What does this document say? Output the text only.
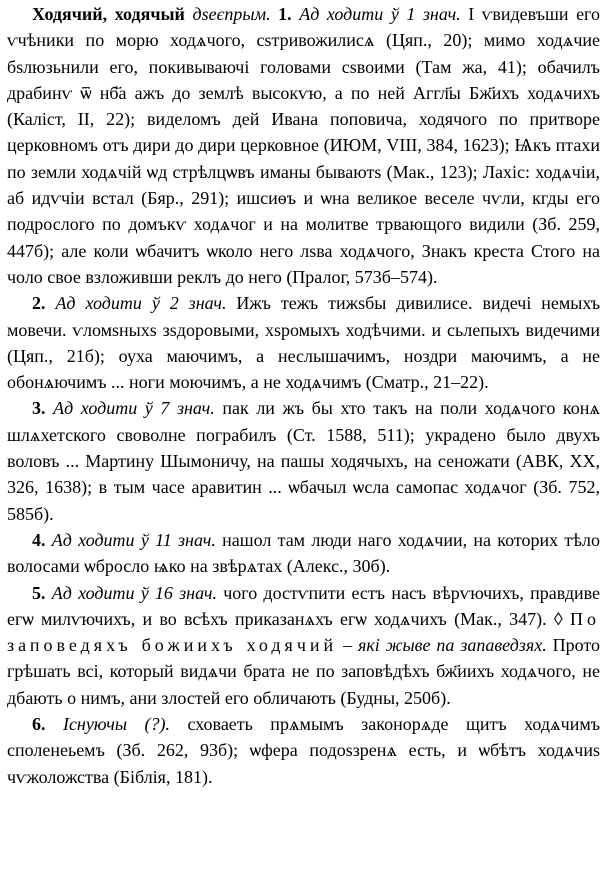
Ходячий, ходячый дѕеєпрым. 1. Ад ходити ў 1 знач. І ѵвидевъши его ѵчѣники по морю ходѧчого, сѕтривожилисѧ (Цяп., 20); мимо ходѧчие бѕлюзьнили его, покивываючі головами сѕвоими (Там жа, 41); обачилъ драбинѵ ѿ нб҃а ажъ до землѣ высокѵю, а по ней Аггл҃ы Бж҃ихъ ходѧчихъ (Каліст, II, 22); виделомъ дей Ивана поповича, ходячого по притворе церковномъ отъ дири до дири церковное (ИЮМ, VIII, 384, 1623); Ѩкъ птахи по земли ходѧчій ѡд стрѣлцѡвъ иманы бываютѕ (Мак., 123); Лахіс: ходѧчіи, аб идѵчіи встал (Бяр., 291); ишсиѳъ и ѡна великое веселе чѵли, кгды его подрослого по домъкѵ ходѧчог и на молитве трвающого видили (Зб. 259, 447б); але коли ѡбачитъ ѡколо него лѕва ходѧчого, Знакъ креста Стого на чоло свое взложивши реклъ до него (Пралог, 573б–574).

2. Ад ходити ў 2 знач. Ижъ тежъ тижѕбы дивилисе. видечі немыхъ мовечи. ѵломѕныхѕ зѕдоровыми, хѕромыхъ ходѣчими. и сьлепыхъ видечими (Цяп., 21б); оуха маючимъ, а неслышачимъ, ноздри маючимъ, а не обонѧючимъ ... ноги моючимъ, а не ходѧчимъ (Сматр., 21–22).

3. Ад ходити ў 7 знач. пак ли жъ бы хто такъ на поли ходѧчого конѧ шлѧхетского своволне пограбилъ (Ст. 1588, 511); украдено было двухъ воловъ ... Мартину Шымоничу, на пашы ходячыхъ, на сеножати (АВК, XX, 326, 1638); в тым часе аравитин ... ѡбачыл ѡсла самопас ходѧчог (Зб. 752, 585б).

4. Ад ходити ў 11 знач. нашол там люди наго ходѧчии, на которих тѣло волосами ѡбросло ѩко на звѣрѧтах (Алекс., 30б).

5. Ад ходити ў 16 знач. чого достѵпити естъ насъ вѣрѵючихъ, правдиве егѡ милѵючихъ, и во всѣхъ приказанѧхъ егѡ ходѧчихъ (Мак., 347). ◊ По заповедяхъ божиихъ ходячий – які жыве па запаведзях. Прото грѣшать всі, который видѧчи брата не по заповѣдѣхъ бж҃иихъ ходѧчого, не дбають о нимъ, ани злостей его обличають (Будны, 250б).

6. Існуючы (?). сховаеть прѧмымъ законорѧде щитъ ходѧчимъ споленеьемъ (Зб. 262, 93б); ѡфера подоѕзренѧ есть, и ѡбѣтъ ходѧчиѕ чѵжоложства (Біблія, 181).
